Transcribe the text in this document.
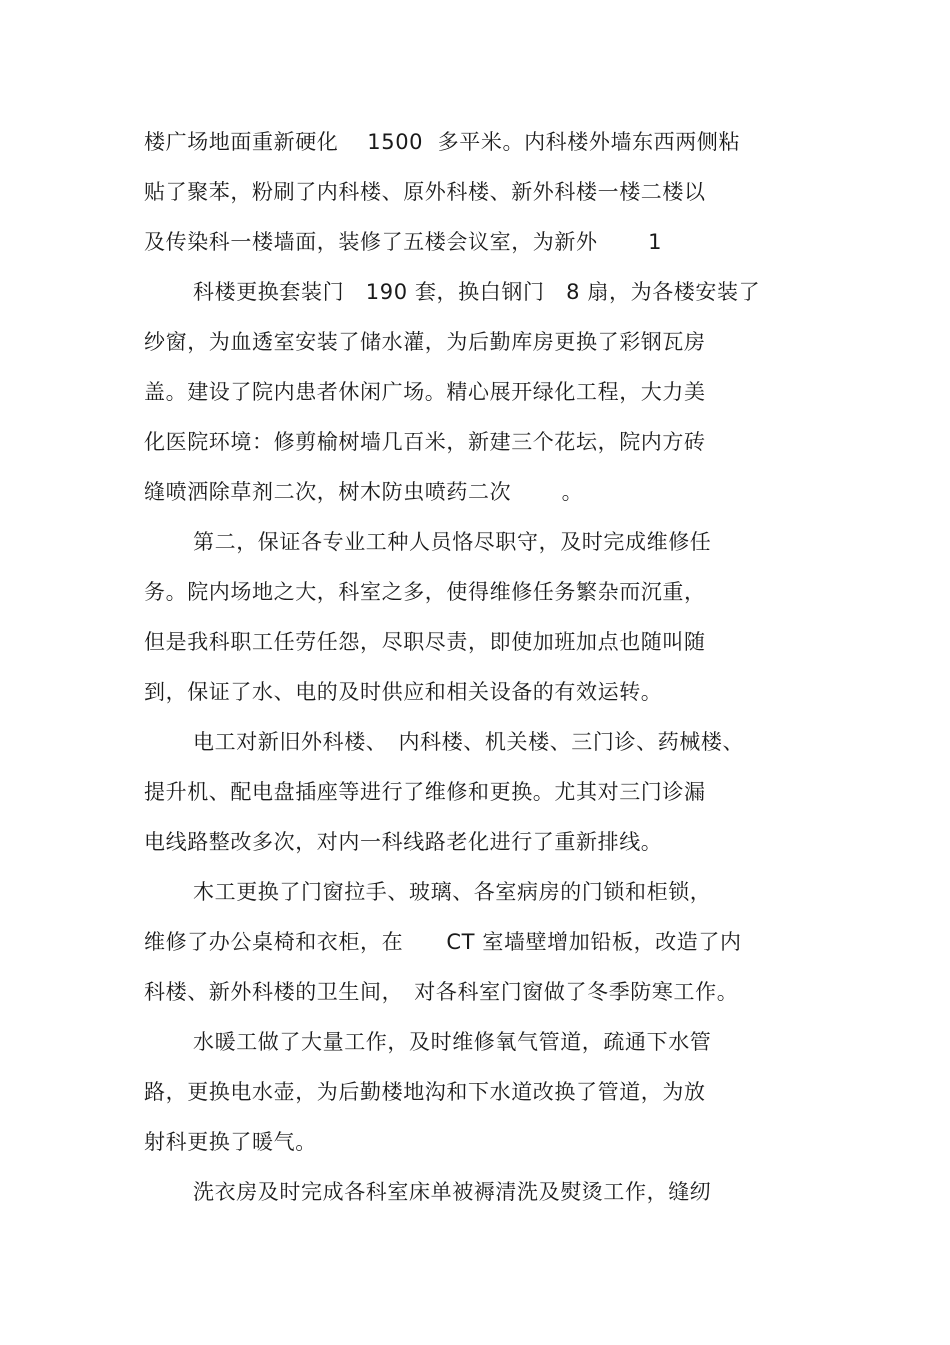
楼广场地面重新硬化　 1500  多平米。内科楼外墙东西两侧粘
贴了聚苯，粉刷了内科楼、原外科楼、新外科楼一楼二楼以
及传染科一楼墙面，装修了五楼会议室，为新外　　 1
科楼更换套装门　190 套，换白钢门　8 扇，为各楼安装了
纱窗，为血透室安装了储水灌，为后勤库房更换了彩钢瓦房
盖。建设了院内患者休闲广场。精心展开绿化工程，大力美
化医院环境：修剪榆树墙几百米，新建三个花坛，院内方砖
缝喷洒除草剂二次，树木防虫喷药二次　　 。
第二，保证各专业工种人员恪尽职守，及时完成维修任
务。院内场地之大，科室之多，使得维修任务繁杂而沉重，
但是我科职工任劳任怨，尽职尽责，即使加班加点也随叫随
到，保证了水、电的及时供应和相关设备的有效运转。
电工对新旧外科楼、　内科楼、机关楼、三门诊、药械楼、
提升机、配电盘插座等进行了维修和更换。尤其对三门诊漏
电线路整改多次，对内一科线路老化进行了重新排线。
木工更换了门窗拉手、玻璃、各室病房的门锁和柜锁，
维修了办公桌椅和衣柜，在　　CT 室墙壁增加铅板，改造了内
科楼、新外科楼的卫生间，　对各科室门窗做了冬季防寒工作。
水暖工做了大量工作，及时维修氧气管道，疏通下水管
路，更换电水壶，为后勤楼地沟和下水道改换了管道，为放
射科更换了暖气。
洗衣房及时完成各科室床单被褥清洗及熨烫工作，缝纫
